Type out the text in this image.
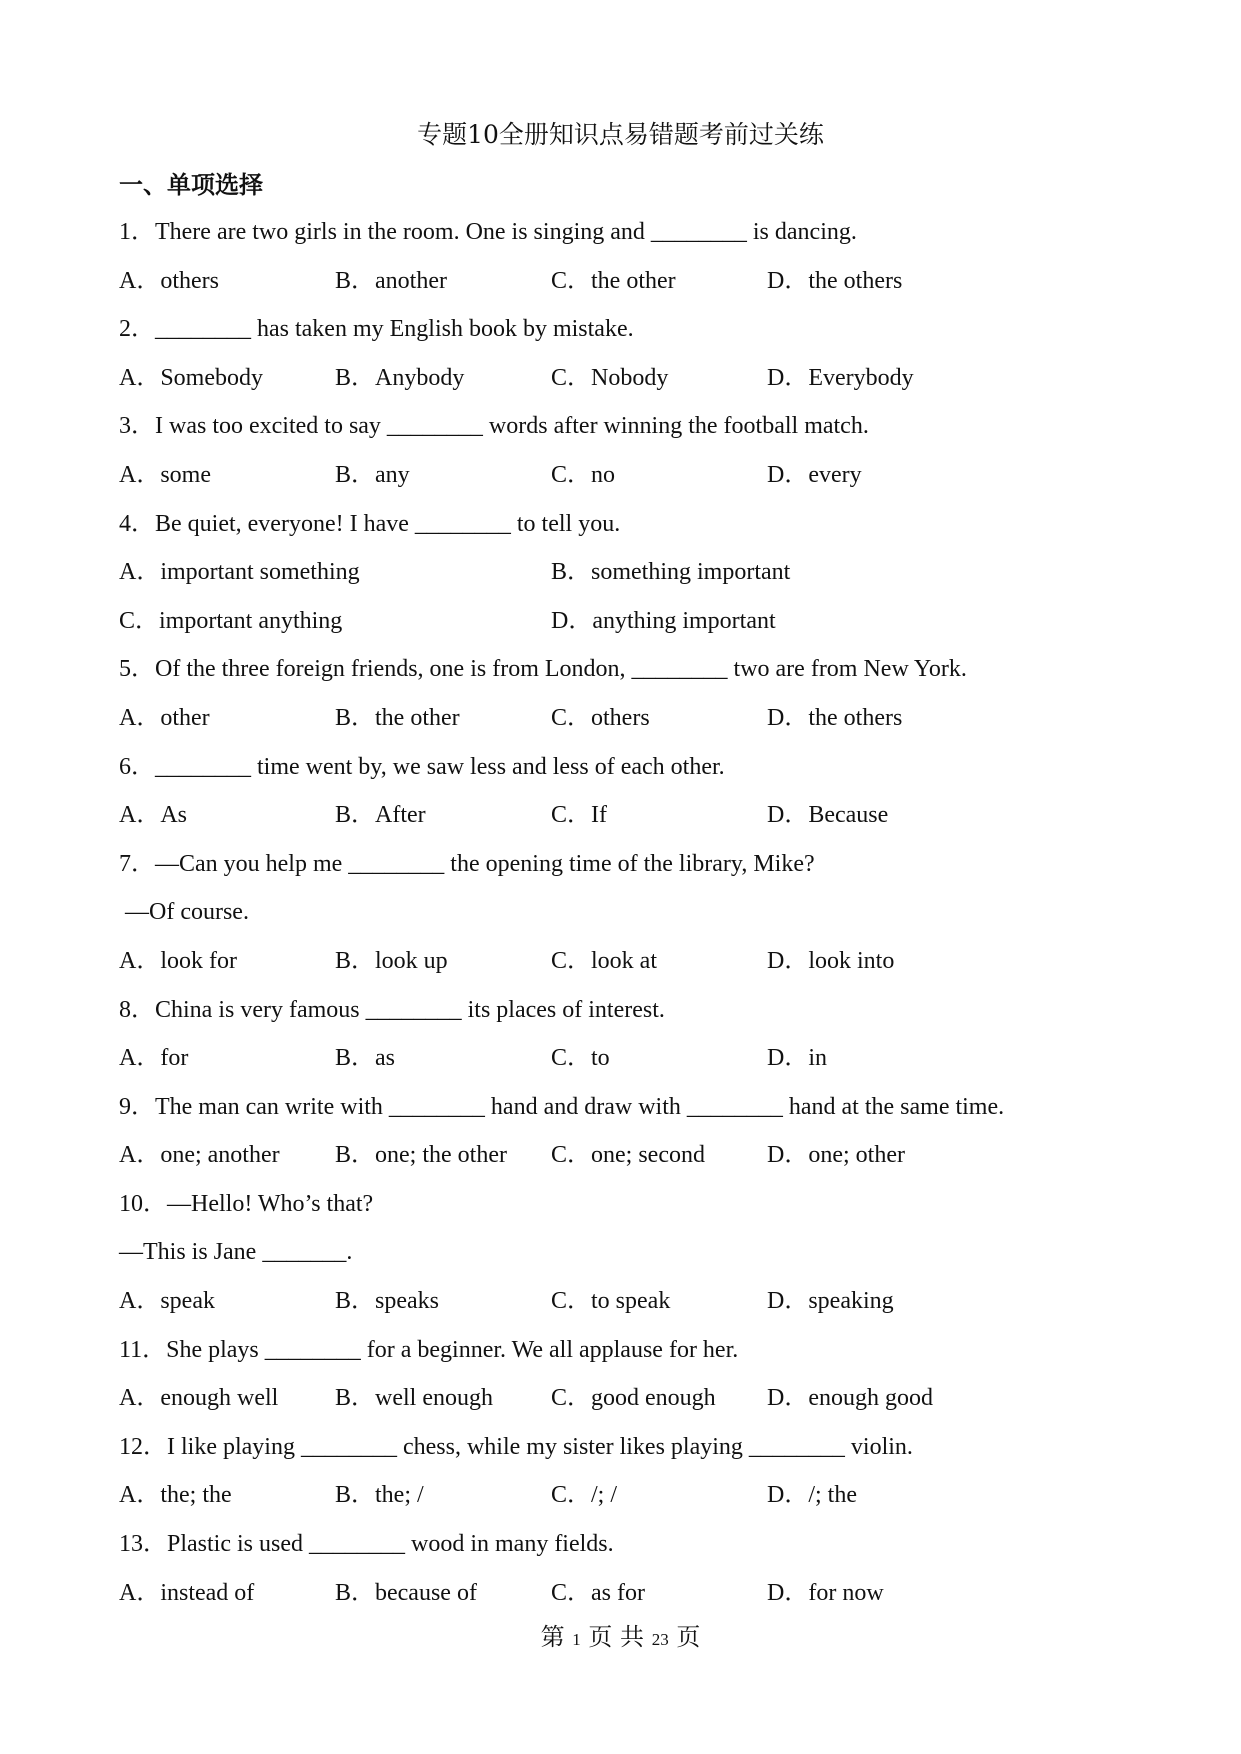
专题10全册知识点易错题考前过关练
一、单项选择
1．There are two girls in the room. One is singing and ________ is dancing.
A．others	B．another	C．the other	D．the others
2．________ has taken my English book by mistake.
A．Somebody	B．Anybody	C．Nobody	D．Everybody
3．I was too excited to say ________ words after winning the football match.
A．some	B．any	C．no	D．every
4．Be quiet, everyone! I have ________ to tell you.
A．important something	B．something important
C．important anything	D．anything important
5．Of the three foreign friends, one is from London, ________ two are from New York.
A．other	B．the other	C．others	D．the others
6．________ time went by, we saw less and less of each other.
A．As	B．After	C．If	D．Because
7．—Can you help me ________ the opening time of the library, Mike?
—Of course.
A．look for	B．look up	C．look at	D．look into
8．China is very famous ________ its places of interest.
A．for	B．as	C．to	D．in
9．The man can write with ________ hand and draw with ________ hand at the same time.
A．one; another B．one; the other C．one; second	D．one; other
10．—Hello! Who’s that?
—This is Jane _______.
A．speak	B．speaks	C．to speak	D．speaking
11．She plays ________ for a beginner. We all applause for her.
A．enough well B．well enough C．good enough D．enough good
12．I like playing ________ chess, while my sister likes playing ________ violin.
A．the; the	B．the; /	C．/; /	D．/; the
13．Plastic is used ________ wood in many fields.
A．instead of	B．because of	C．as for	D．for now
第 1 页 共 23 页
